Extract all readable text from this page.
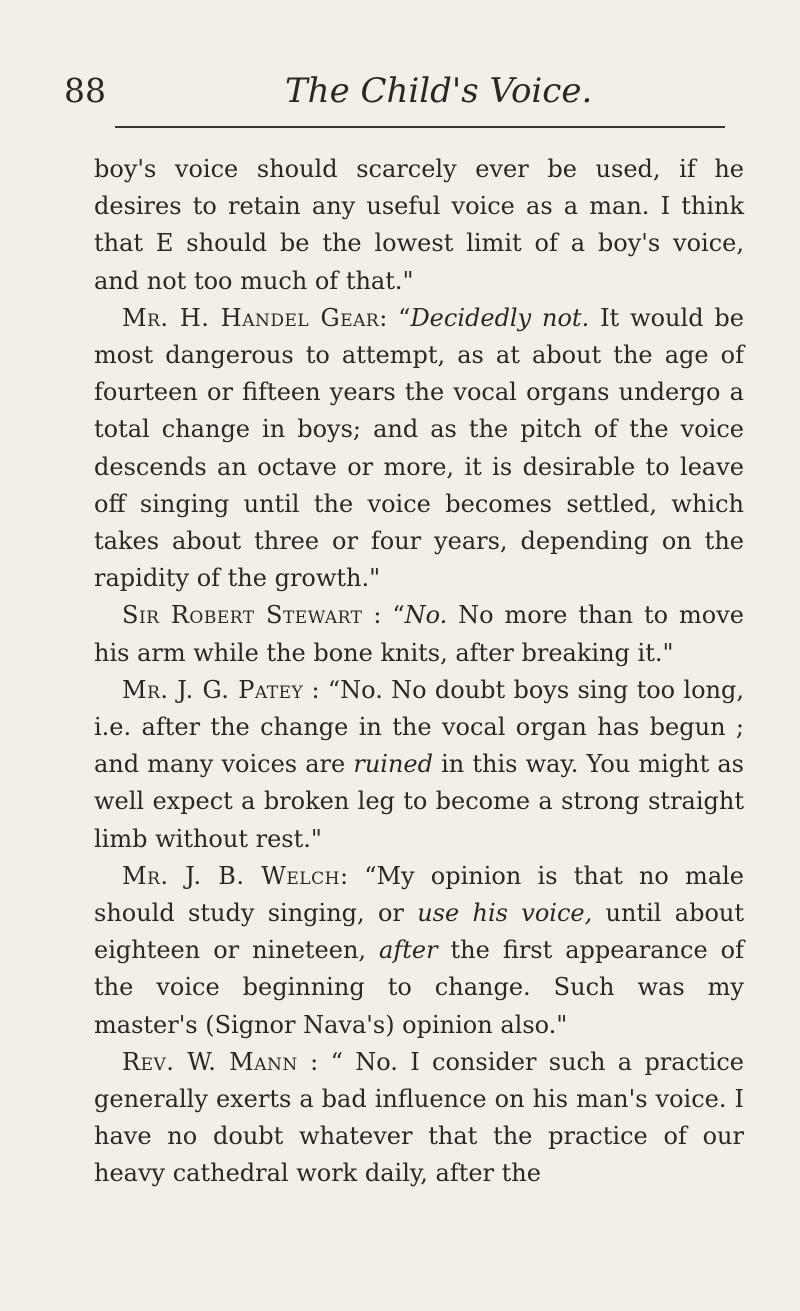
88	The Child's Voice.

boy's voice should scarcely ever be used, if he desires to retain any useful voice as a man. I think that E should be the lowest limit of a boy's voice, and not too much of that."

Mr. H. Handel Gear: “Decidedly not. It would be most dangerous to attempt, as at about the age of fourteen or fifteen years the vocal organs undergo a total change in boys; and as the pitch of the voice descends an octave or more, it is desirable to leave off singing until the voice becomes settled, which takes about three or four years, depending on the rapidity of the growth."

Sir Robert Stewart : “No. No more than to move his arm while the bone knits, after breaking it."

Mr. J. G. Patey : “No. No doubt boys sing too long, i.e. after the change in the vocal organ has begun ; and many voices are ruined in this way. You might as well expect a broken leg to become a strong straight limb without rest."

Mr. J. B. Welch: “My opinion is that no male should study singing, or use his voice, until about eighteen or nineteen, after the first appearance of the voice beginning to change. Such was my master's (Signor Nava's) opinion also."

Rev. W. Mann : “ No. I consider such a practice generally exerts a bad influence on his man's voice. I have no doubt whatever that the practice of our heavy cathedral work daily, after the
